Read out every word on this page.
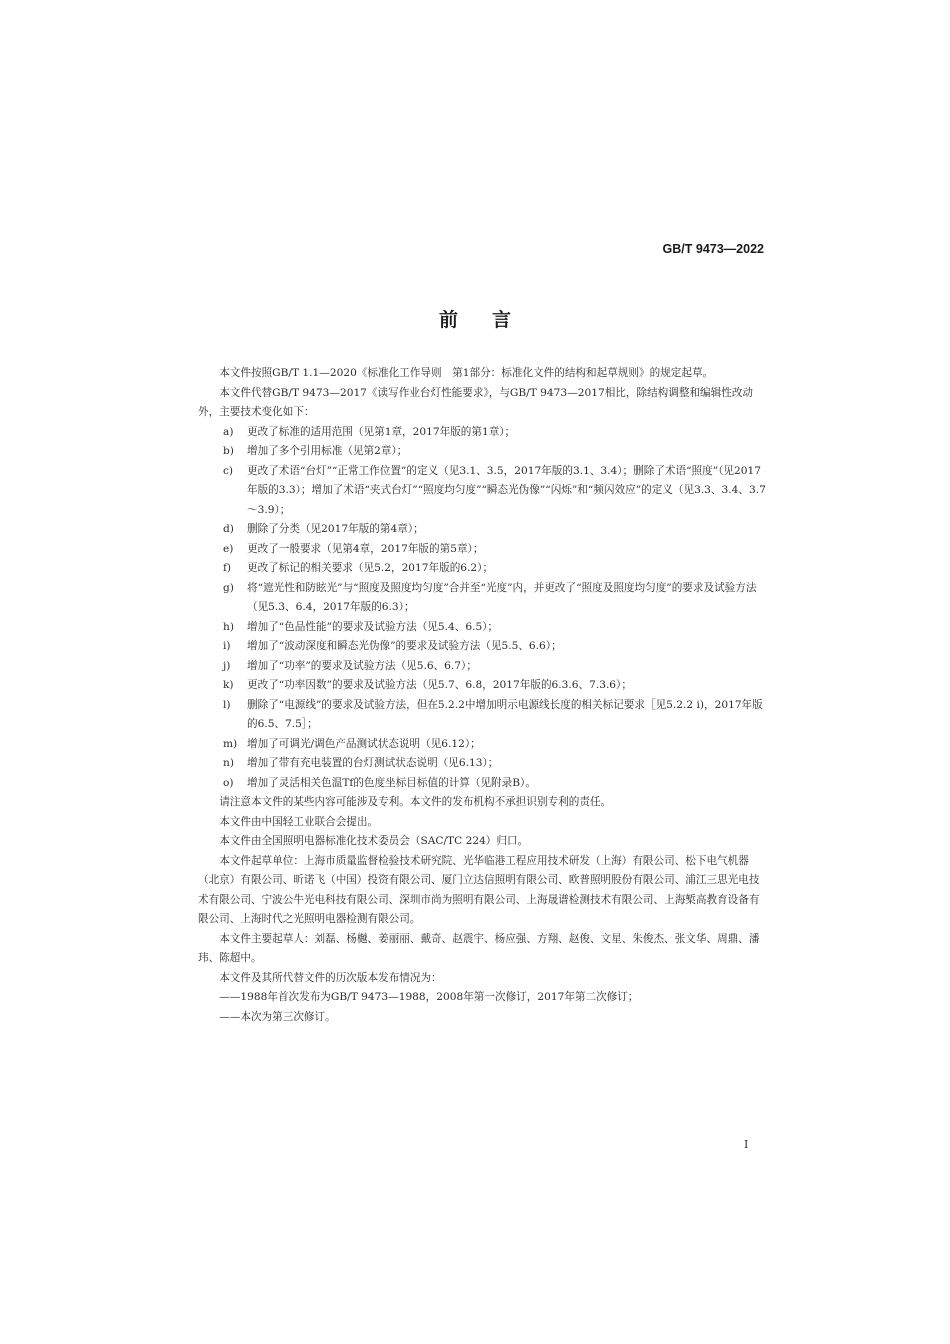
GB/T 9473—2022
前言

本文件按照GB/T 1.1—2020《标准化工作导则　第1部分：标准化文件的结构和起草规则》的规定起草。

本文件代替GB/T 9473—2017《读写作业台灯性能要求》，与GB/T 9473—2017相比，除结构调整和编辑性改动外，主要技术变化如下：

a)	更改了标准的适用范围（见第1章，2017年版的第1章）；
b)	增加了多个引用标准（见第2章）；
c)	更改了术语“台灯”“正常工作位置”的定义（见3.1、3.5，2017年版的3.1、3.4）；删除了术语“照度”（见2017年版的3.3）；增加了术语“夹式台灯”“照度均匀度”“瞬态光伪像”“闪烁”和“频闪效应”的定义（见3.3、3.4、3.7～3.9）；
d)	删除了分类（见2017年版的第4章）；
e)	更改了一般要求（见第4章，2017年版的第5章）；
f)	更改了标记的相关要求（见5.2，2017年版的6.2）；
g)	将“遮光性和防眩光”与“照度及照度均匀度”合并至“光度”内，并更改了“照度及照度均匀度”的要求及试验方法（见5.3、6.4，2017年版的6.3）；
h)	增加了“色品性能”的要求及试验方法（见5.4、6.5）；
i)	增加了“波动深度和瞬态光伪像”的要求及试验方法（见5.5、6.6）；
j)	增加了“功率”的要求及试验方法（见5.6、6.7）；
k)	更改了“功率因数”的要求及试验方法（见5.7、6.8，2017年版的6.3.6、7.3.6）；
l)	删除了“电源线”的要求及试验方法，但在5.2.2中增加明示电源线长度的相关标记要求［见5.2.2 i)，2017年版的6.5、7.5］；
m) 增加了可调光/调色产品测试状态说明（见6.12）；
n)	增加了带有充电装置的台灯测试状态说明（见6.13）；
o)	增加了灵活相关色温Tf的色度坐标目标值的计算（见附录B）。

请注意本文件的某些内容可能涉及专利。本文件的发布机构不承担识别专利的责任。

本文件由中国轻工业联合会提出。

本文件由全国照明电器标准化技术委员会（SAC/TC 224）归口。

本文件起草单位：上海市质量监督检验技术研究院、光华临港工程应用技术研发（上海）有限公司、松下电气机器（北京）有限公司、昕诺飞（中国）投资有限公司、厦门立达信照明有限公司、欧普照明股份有限公司、浦江三思光电技术有限公司、宁波公牛光电科技有限公司、深圳市尚为照明有限公司、上海晟谱检测技术有限公司、上海椠高教育设备有限公司、上海时代之光照明电器检测有限公司。

本文件主要起草人：刘磊、杨樾、姜丽丽、戴奇、赵震宇、杨应强、方翔、赵俊、文星、朱俊杰、张文华、周鼎、潘玮、陈超中。

本文件及其所代替文件的历次版本发布情况为：

——1988年首次发布为GB/T 9473—1988，2008年第一次修订，2017年第二次修订；

——本次为第三次修订。

I
